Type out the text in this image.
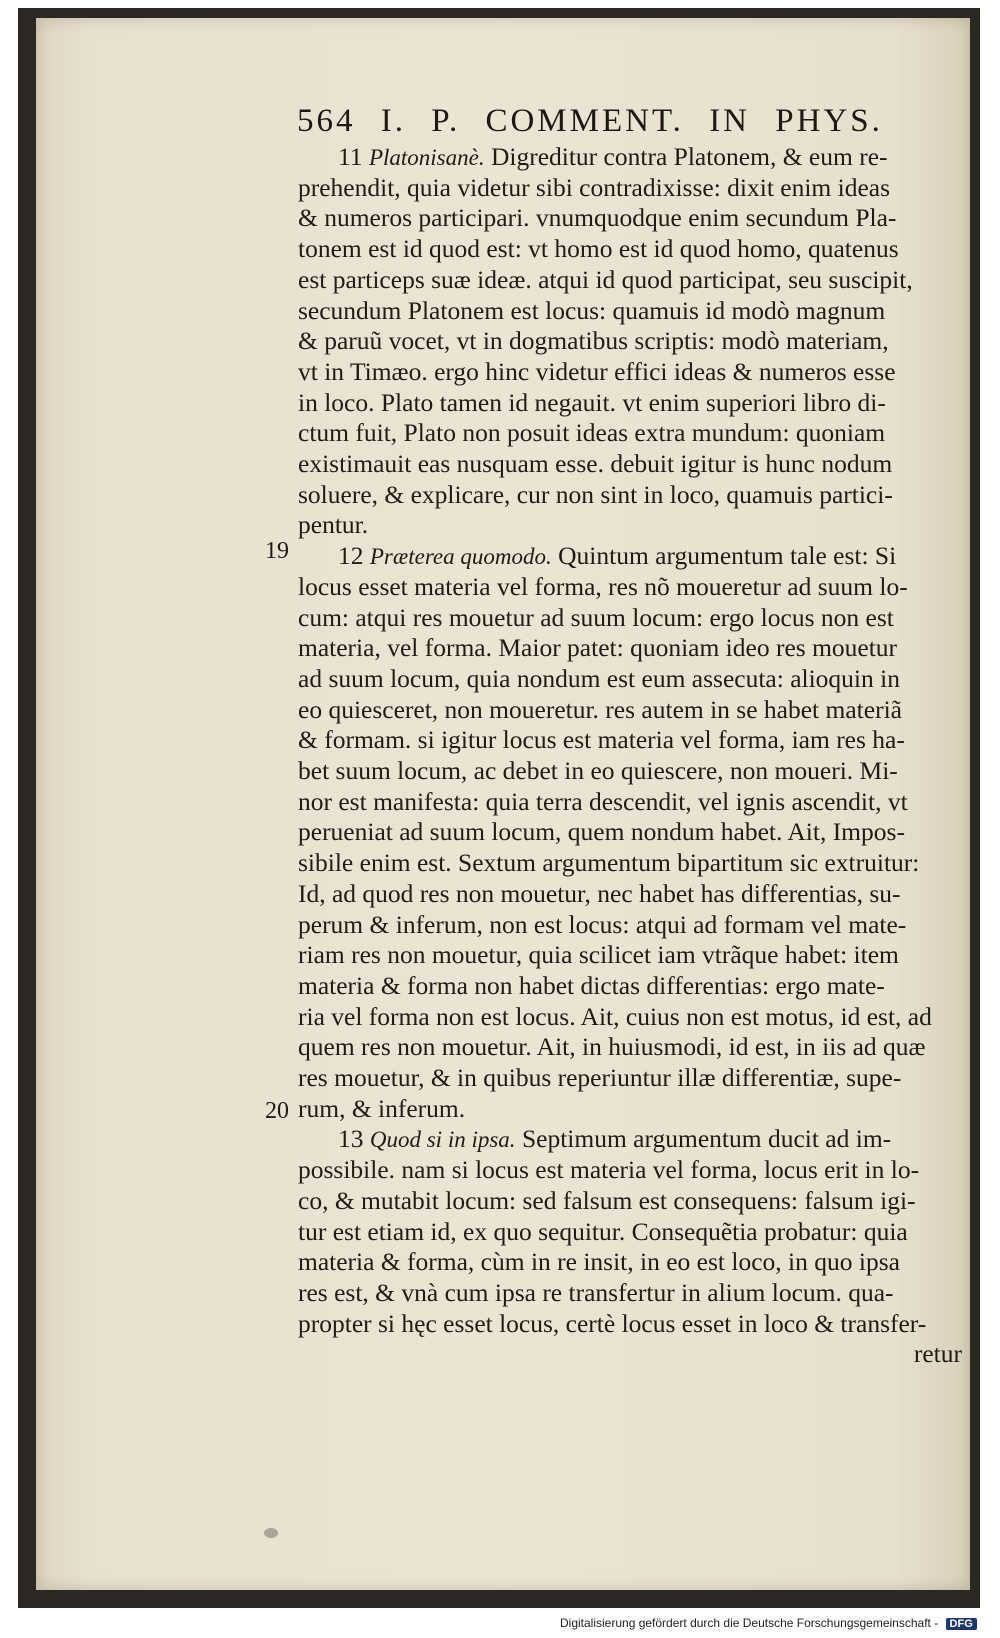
564 I. P. COMMENT. IN PHYS.
19
20
11 Platonisanè. Digreditur contra Platonem, & eum re-
prehendit, quia videtur sibi contradixisse: dixit enim ideas
& numeros participari. vnumquodque enim secundum Pla-
tonem est id quod est: vt homo est id quod homo, quatenus
est particeps suæ ideæ. atqui id quod participat, seu suscipit,
secundum Platonem est locus: quamuis id modò magnum
& paruũ vocet, vt in dogmatibus scriptis: modò materiam,
vt in Timæo. ergo hinc videtur effici ideas & numeros esse
in loco. Plato tamen id negauit. vt enim superiori libro di-
ctum fuit, Plato non posuit ideas extra mundum: quoniam
existimauit eas nusquam esse. debuit igitur is hunc nodum
soluere, & explicare, cur non sint in loco, quamuis partici-
pentur.
12 Præterea quomodo. Quintum argumentum tale est: Si
locus esset materia vel forma, res nõ moueretur ad suum lo-
cum: atqui res mouetur ad suum locum: ergo locus non est
materia, vel forma. Maior patet: quoniam ideo res mouetur
ad suum locum, quia nondum est eum assecuta: alioquin in
eo quiesceret, non moueretur. res autem in se habet materiã
& formam. si igitur locus est materia vel forma, iam res ha-
bet suum locum, ac debet in eo quiescere, non moueri. Mi-
nor est manifesta: quia terra descendit, vel ignis ascendit, vt
perueniat ad suum locum, quem nondum habet. Ait, Impos-
sibile enim est. Sextum argumentum bipartitum sic extruitur:
Id, ad quod res non mouetur, nec habet has differentias, su-
perum & inferum, non est locus: atqui ad formam vel mate-
riam res non mouetur, quia scilicet iam vtrãque habet: item
materia & forma non habet dictas differentias: ergo mate-
ria vel forma non est locus. Ait, cuius non est motus, id est, ad
quem res non mouetur. Ait, in huiusmodi, id est, in iis ad quæ
res mouetur, & in quibus reperiuntur illæ differentiæ, supe-
rum, & inferum.
13 Quod si in ipsa. Septimum argumentum ducit ad im-
possibile. nam si locus est materia vel forma, locus erit in lo-
co, & mutabit locum: sed falsum est consequens: falsum igi-
tur est etiam id, ex quo sequitur. Consequẽtia probatur: quia
materia & forma, cùm in re insit, in eo est loco, in quo ipsa
res est, & vnà cum ipsa re transfertur in alium locum. qua-
propter si hęc esset locus, certè locus esset in loco & transfer-
retur
Digitalisierung gefördert durch die Deutsche Forschungsgemeinschaft - DFG
